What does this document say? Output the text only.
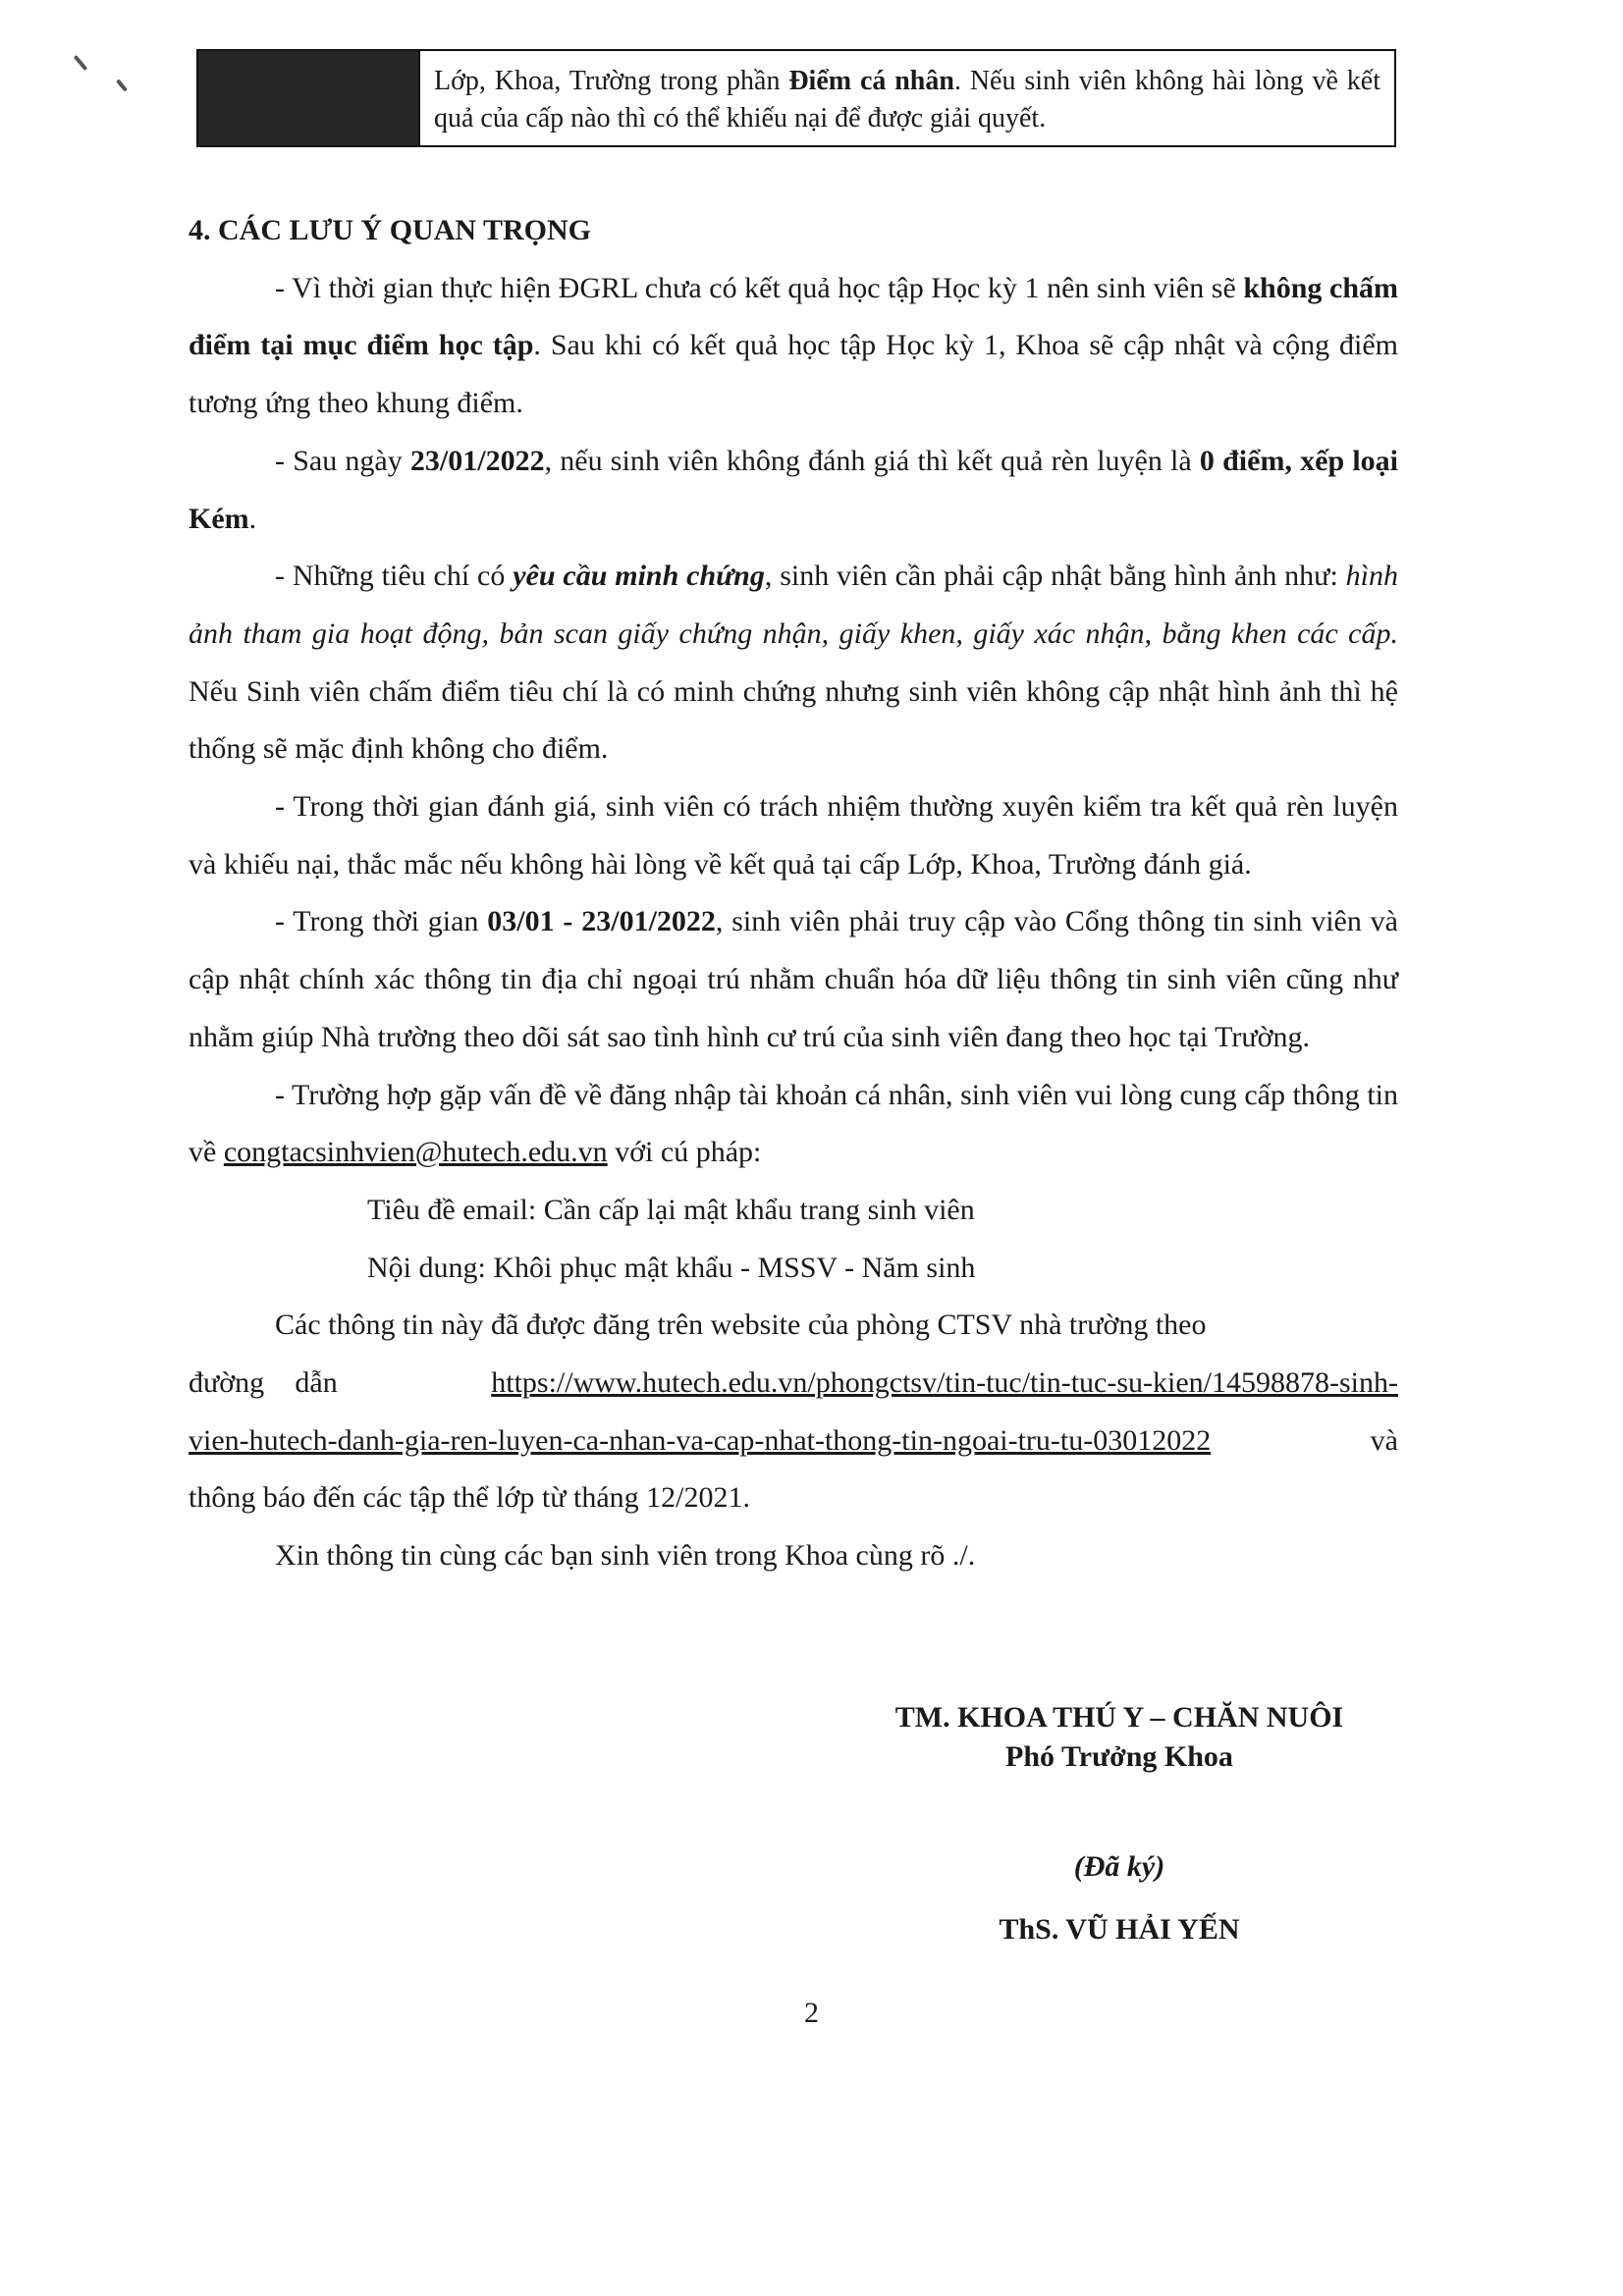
Lớp, Khoa, Trường trong phần Điểm cá nhân. Nếu sinh viên không hài lòng về kết quả của cấp nào thì có thể khiếu nại để được giải quyết.

4. CÁC LƯU Ý QUAN TRỌNG

- Vì thời gian thực hiện ĐGRL chưa có kết quả học tập Học kỳ 1 nên sinh viên sẽ không chấm điểm tại mục điểm học tập. Sau khi có kết quả học tập Học kỳ 1, Khoa sẽ cập nhật và cộng điểm tương ứng theo khung điểm.

- Sau ngày 23/01/2022, nếu sinh viên không đánh giá thì kết quả rèn luyện là 0 điểm, xếp loại Kém.

- Những tiêu chí có yêu cầu minh chứng, sinh viên cần phải cập nhật bằng hình ảnh như: hình ảnh tham gia hoạt động, bản scan giấy chứng nhận, giấy khen, giấy xác nhận, bằng khen các cấp. Nếu Sinh viên chấm điểm tiêu chí là có minh chứng nhưng sinh viên không cập nhật hình ảnh thì hệ thống sẽ mặc định không cho điểm.

- Trong thời gian đánh giá, sinh viên có trách nhiệm thường xuyên kiểm tra kết quả rèn luyện và khiếu nại, thắc mắc nếu không hài lòng về kết quả tại cấp Lớp, Khoa, Trường đánh giá.

- Trong thời gian 03/01 - 23/01/2022, sinh viên phải truy cập vào Cổng thông tin sinh viên và cập nhật chính xác thông tin địa chỉ ngoại trú nhằm chuẩn hóa dữ liệu thông tin sinh viên cũng như nhằm giúp Nhà trường theo dõi sát sao tình hình cư trú của sinh viên đang theo học tại Trường.

- Trường hợp gặp vấn đề về đăng nhập tài khoản cá nhân, sinh viên vui lòng cung cấp thông tin về congtacsinhvien@hutech.edu.vn với cú pháp:

Tiêu đề email: Cần cấp lại mật khẩu trang sinh viên

Nội dung: Khôi phục mật khẩu - MSSV - Năm sinh

Các thông tin này đã được đăng trên website của phòng CTSV nhà trường theo

đường dẫn	https://www.hutech.edu.vn/phongctsv/tin-tuc/tin-tuc-su-kien/14598878-sinh-

vien-hutech-danh-gia-ren-luyen-ca-nhan-va-cap-nhat-thong-tin-ngoai-tru-tu-03012022	và

thông báo đến các tập thể lớp từ tháng 12/2021.

Xin thông tin cùng các bạn sinh viên trong Khoa cùng rõ ./.

TM. KHOA THÚ Y – CHĂN NUÔI
Phó Trưởng Khoa
(Đã ký)
ThS. VŨ HẢI YẾN
2
